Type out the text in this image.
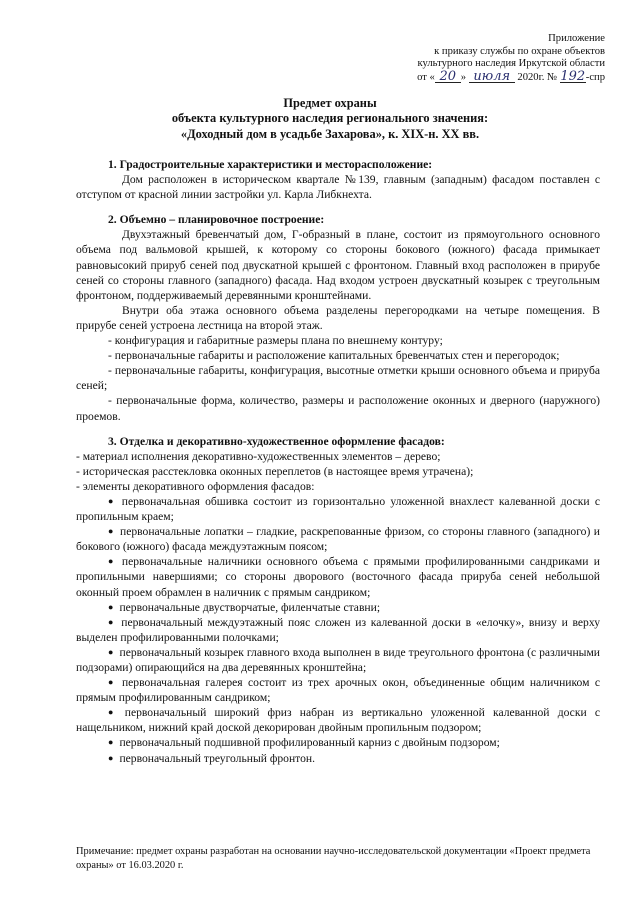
Приложение
к приказу службы по охране объектов
культурного наследия Иркутской области
от « 20 » июля 2020г. № 192-спр
Предмет охраны
объекта культурного наследия регионального значения:
«Доходный дом в усадьбе Захарова», к. XIX-н. XX вв.

1. Градостроительные характеристики и месторасположение:

Дом расположен в историческом квартале №139, главным (западным) фасадом поставлен с отступом от красной линии застройки ул. Карла Либкнехта.

2. Объемно – планировочное построение:

Двухэтажный бревенчатый дом, Г-образный в плане, состоит из прямоугольного основного объема под вальмовой крышей, к которому со стороны бокового (южного) фасада примыкает равновысокий прируб сеней под двускатной крышей с фронтоном. Главный вход расположен в прирубе сеней со стороны главного (западного) фасада. Над входом устроен двускатный козырек с треугольным фронтоном, поддерживаемый деревянными кронштейнами.

Внутри оба этажа основного объема разделены перегородками на четыре помещения. В прирубе сеней устроена лестница на второй этаж.

- конфигурация и габаритные размеры плана по внешнему контуру;

- первоначальные габариты и расположение капитальных бревенчатых стен и перегородок;

- первоначальные габариты, конфигурация, высотные отметки крыши основного объема и прируба сеней;

- первоначальные форма, количество, размеры и расположение оконных и дверного (наружного) проемов.

3. Отделка и декоративно-художественное оформление фасадов:

- материал исполнения декоративно-художественных элементов – дерево;

- историческая расстекловка оконных переплетов (в настоящее время утрачена);

- элементы декоративного оформления фасадов:

● первоначальная обшивка состоит из горизонтально уложенной внахлест калеванной доски с пропильным краем;

● первоначальные лопатки – гладкие, раскрепованные фризом, со стороны главного (западного) и бокового (южного) фасада междуэтажным поясом;

● первоначальные наличники основного объема с прямыми профилированными сандриками и пропильными навершиями; со стороны дворового (восточного фасада прируба сеней небольшой оконный проем обрамлен в наличник с прямым сандриком;

● первоначальные двустворчатые, филенчатые ставни;

● первоначальный междуэтажный пояс сложен из калеванной доски в «елочку», внизу и верху выделен профилированными полочками;

● первоначальный козырек главного входа выполнен в виде треугольного фронтона (с различными подзорами) опирающийся на два деревянных кронштейна;

● первоначальная галерея состоит из трех арочных окон, объединенные общим наличником с прямым профилированным сандриком;

● первоначальный широкий фриз набран из вертикально уложенной калеванной доски с нащельником, нижний край доской декорирован двойным пропильным подзором;

● первоначальный подшивной профилированный карниз с двойным подзором;

● первоначальный треугольный фронтон.

Примечание: предмет охраны разработан на основании научно-исследовательской документации «Проект предмета охраны» от 16.03.2020 г.
